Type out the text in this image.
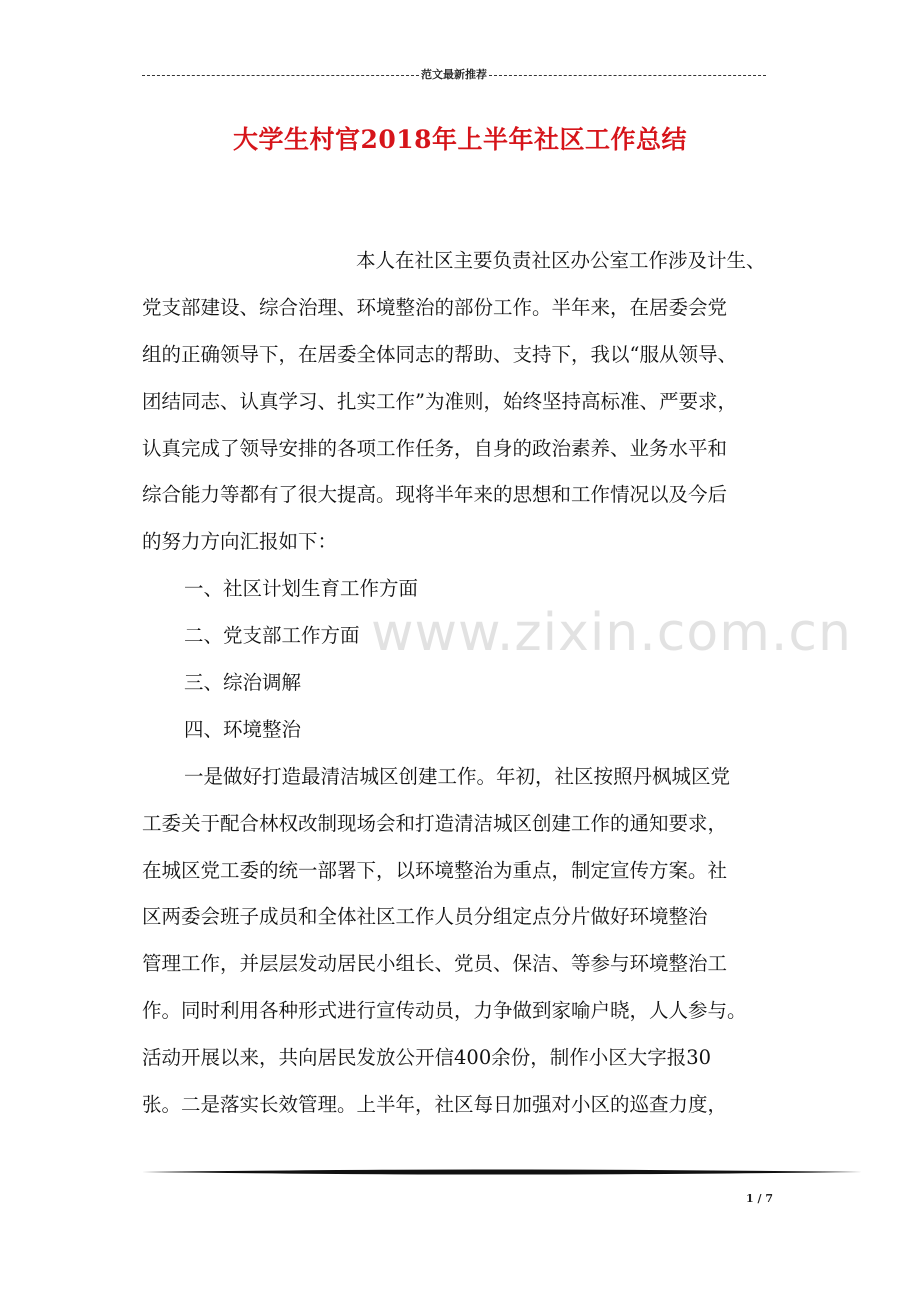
范文最新推荐
大学生村官2018年上半年社区工作总结
本人在社区主要负责社区办公室工作涉及计生、
党支部建设、综合治理、环境整治的部份工作。半年来，在居委会党
组的正确领导下，在居委全体同志的帮助、支持下，我以“服从领导、
团结同志、认真学习、扎实工作”为准则，始终坚持高标准、严要求，
认真完成了领导安排的各项工作任务，自身的政治素养、业务水平和
综合能力等都有了很大提高。现将半年来的思想和工作情况以及今后
的努力方向汇报如下：
一、社区计划生育工作方面
二、党支部工作方面
三、综治调解
四、环境整治
一是做好打造最清洁城区创建工作。年初，社区按照丹枫城区党
工委关于配合林权改制现场会和打造清洁城区创建工作的通知要求，
在城区党工委的统一部署下，以环境整治为重点，制定宣传方案。社
区两委会班子成员和全体社区工作人员分组定点分片做好环境整治
管理工作，并层层发动居民小组长、党员、保洁、等参与环境整治工
作。同时利用各种形式进行宣传动员，力争做到家喻户晓，人人参与。
活动开展以来，共向居民发放公开信400余份，制作小区大字报30
张。二是落实长效管理。上半年，社区每日加强对小区的巡查力度，
www.zixin.com.cn
1 / 7
